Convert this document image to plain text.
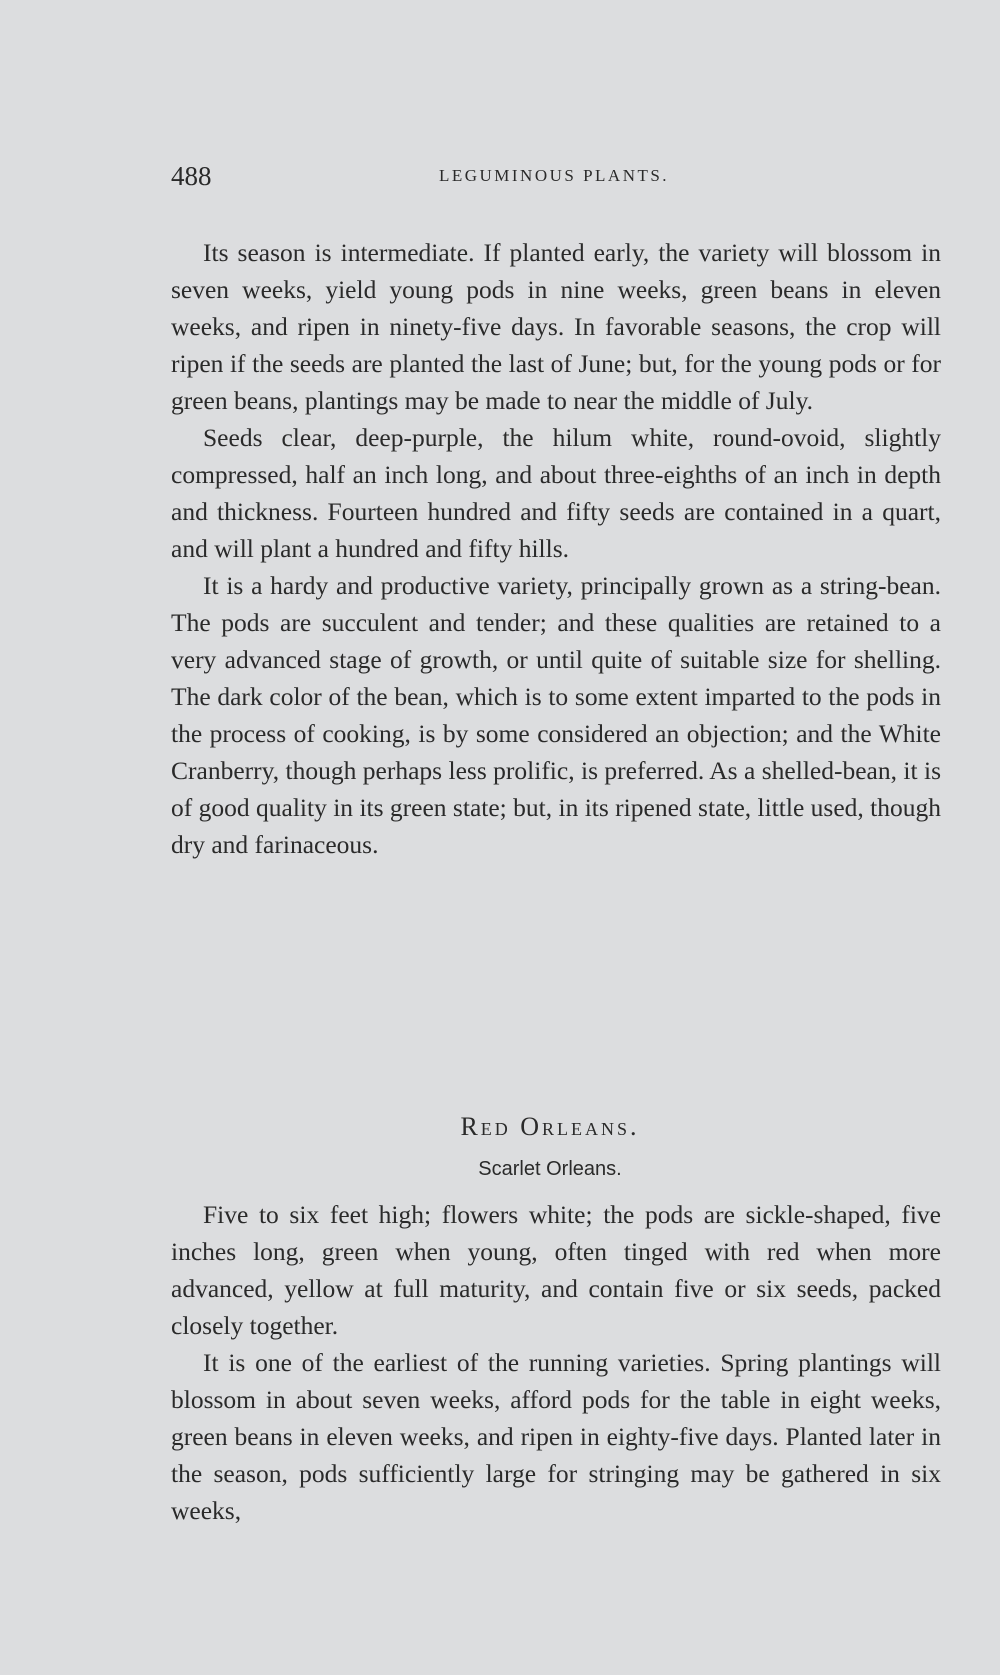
488	LEGUMINOUS PLANTS.

Its season is intermediate. If planted early, the variety will blossom in seven weeks, yield young pods in nine weeks, green beans in eleven weeks, and ripen in ninety-five days. In favorable seasons, the crop will ripen if the seeds are planted the last of June; but, for the young pods or for green beans, plantings may be made to near the middle of July.

Seeds clear, deep-purple, the hilum white, round-ovoid, slightly compressed, half an inch long, and about three-eighths of an inch in depth and thickness. Fourteen hundred and fifty seeds are contained in a quart, and will plant a hundred and fifty hills.

It is a hardy and productive variety, principally grown as a string-bean. The pods are succulent and tender; and these qualities are retained to a very advanced stage of growth, or until quite of suitable size for shelling. The dark color of the bean, which is to some extent imparted to the pods in the process of cooking, is by some considered an objection; and the White Cranberry, though perhaps less prolific, is preferred. As a shelled-bean, it is of good quality in its green state; but, in its ripened state, little used, though dry and farinaceous.

Red Orleans.
Scarlet Orleans.

Five to six feet high; flowers white; the pods are sickle-shaped, five inches long, green when young, often tinged with red when more advanced, yellow at full maturity, and contain five or six seeds, packed closely together.

It is one of the earliest of the running varieties. Spring plantings will blossom in about seven weeks, afford pods for the table in eight weeks, green beans in eleven weeks, and ripen in eighty-five days. Planted later in the season, pods sufficiently large for stringing may be gathered in six weeks,
